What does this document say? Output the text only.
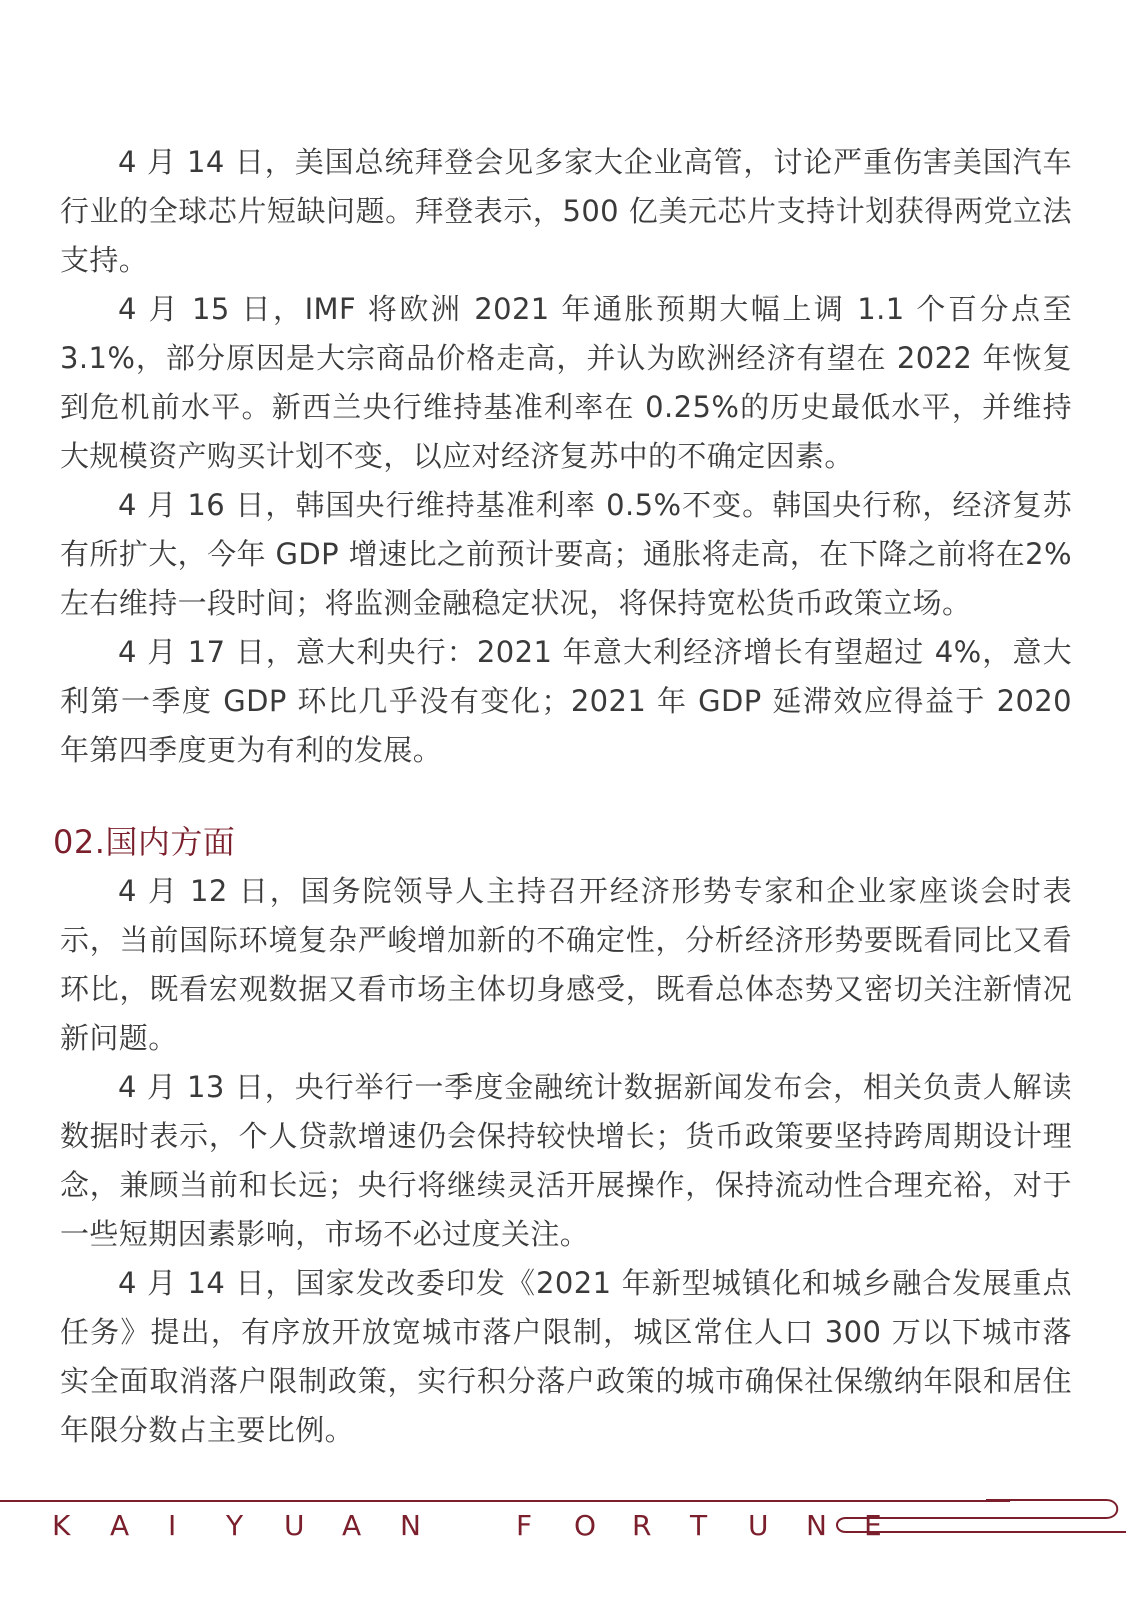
4 月 14 日，美国总统拜登会见多家大企业高管，讨论严重伤害美国汽车行业的全球芯片短缺问题。拜登表示，500 亿美元芯片支持计划获得两党立法支持。

4 月 15 日，IMF 将欧洲 2021 年通胀预期大幅上调 1.1 个百分点至3.1%，部分原因是大宗商品价格走高，并认为欧洲经济有望在 2022 年恢复到危机前水平。新西兰央行维持基准利率在 0.25%的历史最低水平，并维持大规模资产购买计划不变，以应对经济复苏中的不确定因素。

4 月 16 日，韩国央行维持基准利率 0.5%不变。韩国央行称，经济复苏有所扩大，今年 GDP 增速比之前预计要高；通胀将走高，在下降之前将在2%左右维持一段时间；将监测金融稳定状况，将保持宽松货币政策立场。

4 月 17 日，意大利央行：2021 年意大利经济增长有望超过 4%，意大利第一季度 GDP 环比几乎没有变化；2021 年 GDP 延滞效应得益于 2020 年第四季度更为有利的发展。

02.国内方面

4 月 12 日，国务院领导人主持召开经济形势专家和企业家座谈会时表示，当前国际环境复杂严峻增加新的不确定性，分析经济形势要既看同比又看环比，既看宏观数据又看市场主体切身感受，既看总体态势又密切关注新情况新问题。

4 月 13 日，央行举行一季度金融统计数据新闻发布会，相关负责人解读数据时表示，个人贷款增速仍会保持较快增长；货币政策要坚持跨周期设计理念，兼顾当前和长远；央行将继续灵活开展操作，保持流动性合理充裕，对于一些短期因素影响，市场不必过度关注。

4 月 14 日，国家发改委印发《2021 年新型城镇化和城乡融合发展重点任务》提出，有序放开放宽城市落户限制，城区常住人口 300 万以下城市落实全面取消落户限制政策，实行积分落户政策的城市确保社保缴纳年限和居住年限分数占主要比例。

K	A	I	Y	U	A	N	F	O	R	T	U	N	E
